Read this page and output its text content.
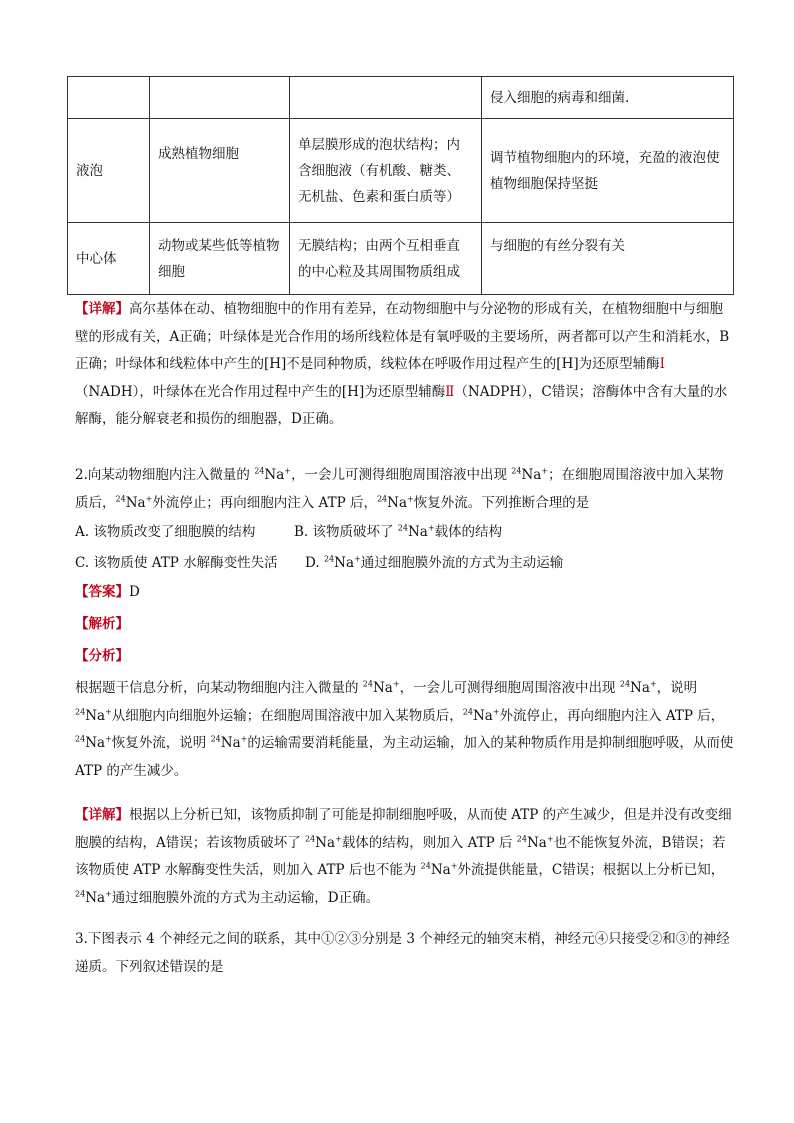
			侵入细胞的病毒和细菌.
液泡	成熟植物细胞	单层膜形成的泡状结构；内含细胞液（有机酸、糖类、无机盐、色素和蛋白质等）	调节植物细胞内的环境，充盈的液泡使植物细胞保持坚挺
中心体	动物或某些低等植物细胞	无膜结构；由两个互相垂直的中心粒及其周围物质组成	与细胞的有丝分裂有关

【详解】高尔基体在动、植物细胞中的作用有差异，在动物细胞中与分泌物的形成有关，在植物细胞中与细胞壁的形成有关，A正确；叶绿体是光合作用的场所线粒体是有氧呼吸的主要场所，两者都可以产生和消耗水，B正确；叶绿体和线粒体中产生的[H]不是同种物质，线粒体在呼吸作用过程产生的[H]为还原型辅酶Ⅰ（NADH），叶绿体在光合作用过程中产生的[H]为还原型辅酶Ⅱ（NADPH），C错误；溶酶体中含有大量的水解酶，能分解衰老和损伤的细胞器，D正确。

2.向某动物细胞内注入微量的 $^{24}$Na+，一会儿可测得细胞周围溶液中出现 $^{24}$Na+；在细胞周围溶液中加入某物质后，$^{24}$Na+外流停止；再向细胞内注入 ATP 后，$^{24}$Na+恢复外流。下列推断合理的是

A. 该物质改变了细胞膜的结构	B. 该物质破坏了 $^{24}$Na+载体的结构
C. 该物质使 ATP 水解酶变性失活 D. $^{24}$Na+通过细胞膜外流的方式为主动运输
【答案】D
【解析】
【分析】

根据题干信息分析，向某动物细胞内注入微量的 $^{24}$Na+，一会儿可测得细胞周围溶液中出现 $^{24}$Na+，说明 $^{24}$Na+从细胞内向细胞外运输；在细胞周围溶液中加入某物质后，$^{24}$Na+外流停止，再向细胞内注入 ATP 后，$^{24}$Na+恢复外流，说明 $^{24}$Na+的运输需要消耗能量，为主动运输，加入的某种物质作用是抑制细胞呼吸，从而使 ATP 的产生减少。

【详解】根据以上分析已知，该物质抑制了可能是抑制细胞呼吸，从而使 ATP 的产生减少，但是并没有改变细胞膜的结构，A错误；若该物质破坏了 $^{24}$Na+载体的结构，则加入 ATP 后 $^{24}$Na+也不能恢复外流，B错误；若该物质使 ATP 水解酶变性失活，则加入 ATP 后也不能为 $^{24}$Na+外流提供能量，C错误；根据以上分析已知，$^{24}$Na+通过细胞膜外流的方式为主动运输，D正确。

3.下图表示 4 个神经元之间的联系，其中①②③分别是 3 个神经元的轴突末梢，神经元④只接受②和③的神经递质。下列叙述错误的是
